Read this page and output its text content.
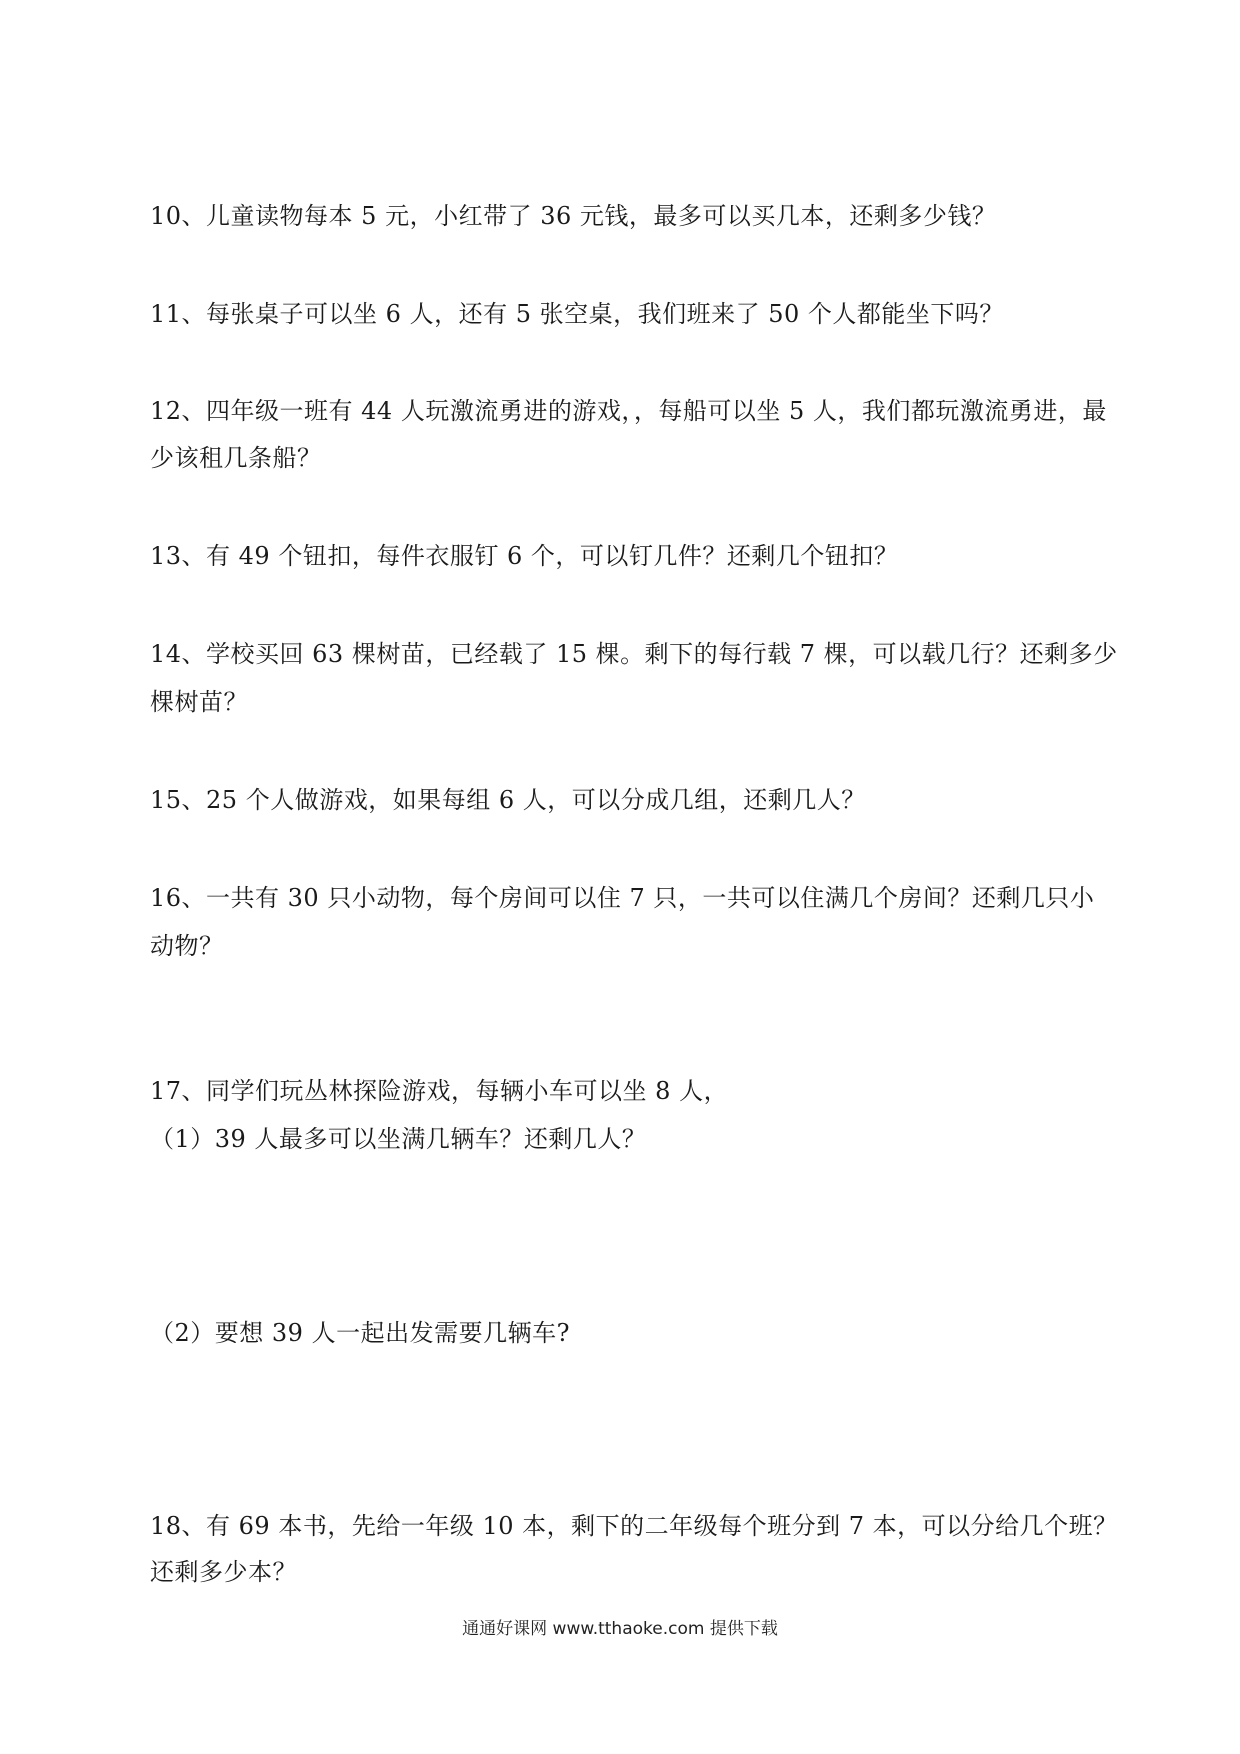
10、儿童读物每本 5 元，小红带了 36 元钱，最多可以买几本，还剩多少钱？
11、每张桌子可以坐 6 人，还有 5 张空桌，我们班来了 50 个人都能坐下吗？
12、四年级一班有 44 人玩激流勇进的游戏，，每船可以坐 5 人，我们都玩激流勇进，最
少该租几条船？
13、有 49 个钮扣，每件衣服钉 6 个，可以钉几件？还剩几个钮扣？
14、学校买回 63 棵树苗，已经载了 15 棵。剩下的每行载 7 棵，可以载几行？还剩多少
棵树苗？
15、25 个人做游戏，如果每组 6 人，可以分成几组，还剩几人？
16、一共有 30 只小动物，每个房间可以住 7 只，一共可以住满几个房间？还剩几只小
动物？
17、同学们玩丛林探险游戏，每辆小车可以坐 8 人，
（1）39 人最多可以坐满几辆车？还剩几人？
（2）要想 39 人一起出发需要几辆车?
18、有 69 本书，先给一年级 10 本，剩下的二年级每个班分到 7 本，可以分给几个班？
还剩多少本？
通通好课网 www.tthaoke.com 提供下载
